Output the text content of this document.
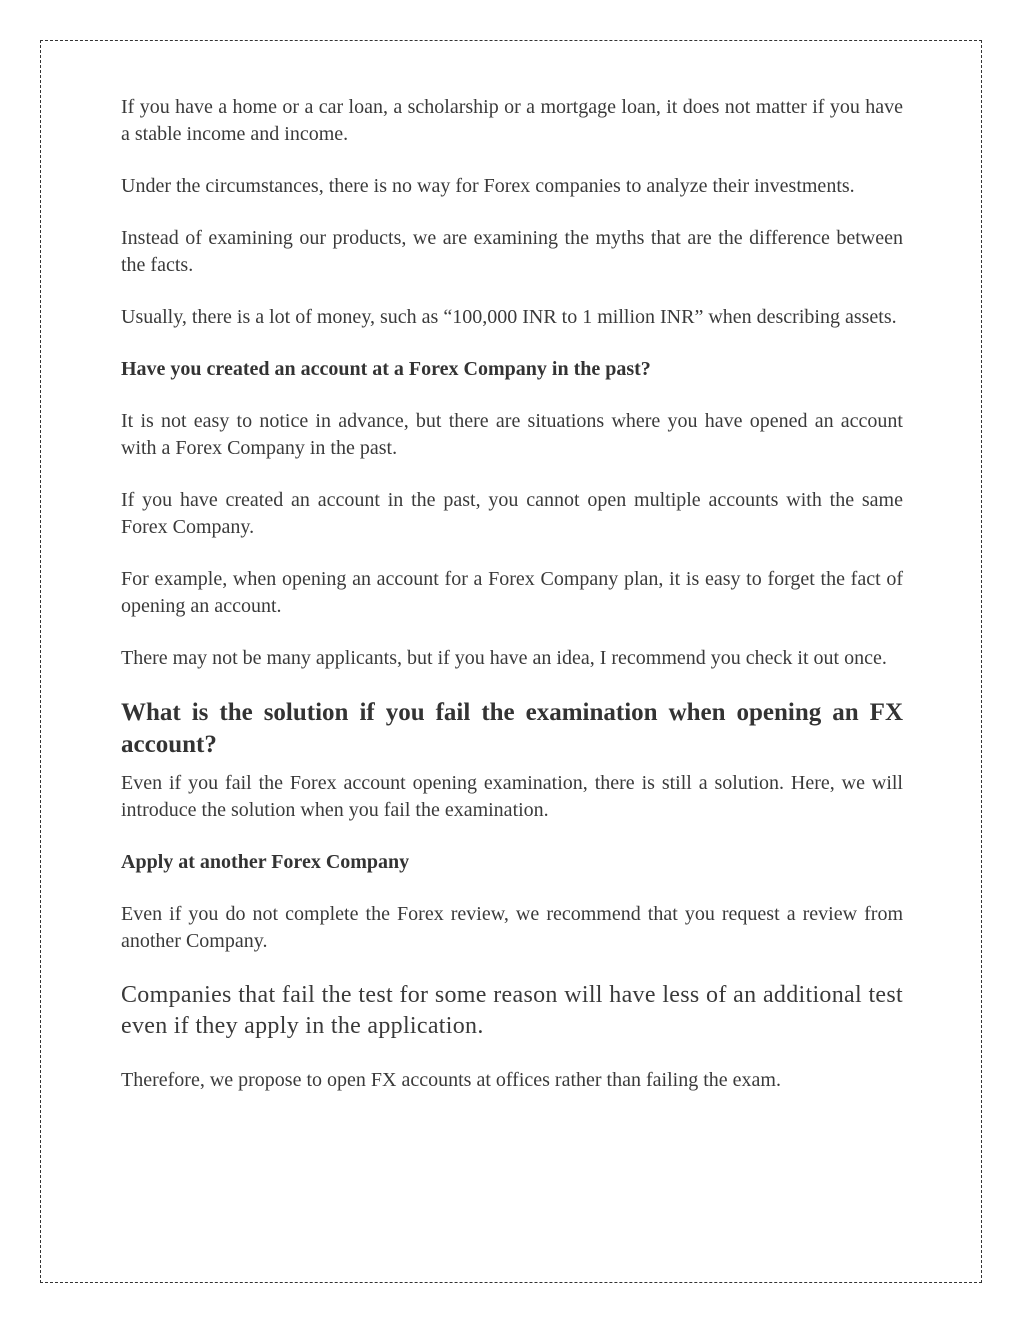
If you have a home or a car loan, a scholarship or a mortgage loan, it does not matter if you have a stable income and income.

Under the circumstances, there is no way for Forex companies to analyze their investments.

Instead of examining our products, we are examining the myths that are the difference between the facts.

Usually, there is a lot of money, such as “100,000 INR to 1 million INR” when describing assets.

Have you created an account at a Forex Company in the past?

It is not easy to notice in advance, but there are situations where you have opened an account with a Forex Company in the past.

If you have created an account in the past, you cannot open multiple accounts with the same Forex Company.

For example, when opening an account for a Forex Company plan, it is easy to forget the fact of opening an account.

There may not be many applicants, but if you have an idea, I recommend you check it out once.

What is the solution if you fail the examination when opening an FX account?

Even if you fail the Forex account opening examination, there is still a solution. Here, we will introduce the solution when you fail the examination.

Apply at another Forex Company

Even if you do not complete the Forex review, we recommend that you request a review from another Company.

Companies that fail the test for some reason will have less of an additional test even if they apply in the application.

Therefore, we propose to open FX accounts at offices rather than failing the exam.
